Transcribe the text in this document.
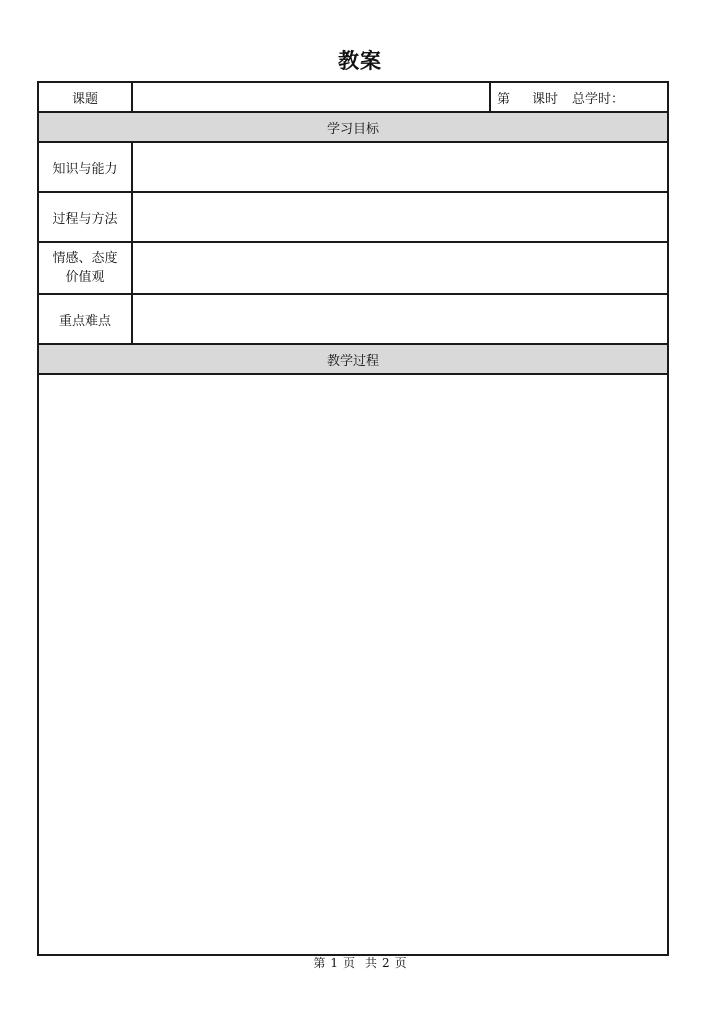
教案
课题		第 课时 总学时：
学习目标		
知识与能力		
过程与方法		
情感、态度
价值观		
重点难点		
教学过程		

第 1 页 共 2 页
